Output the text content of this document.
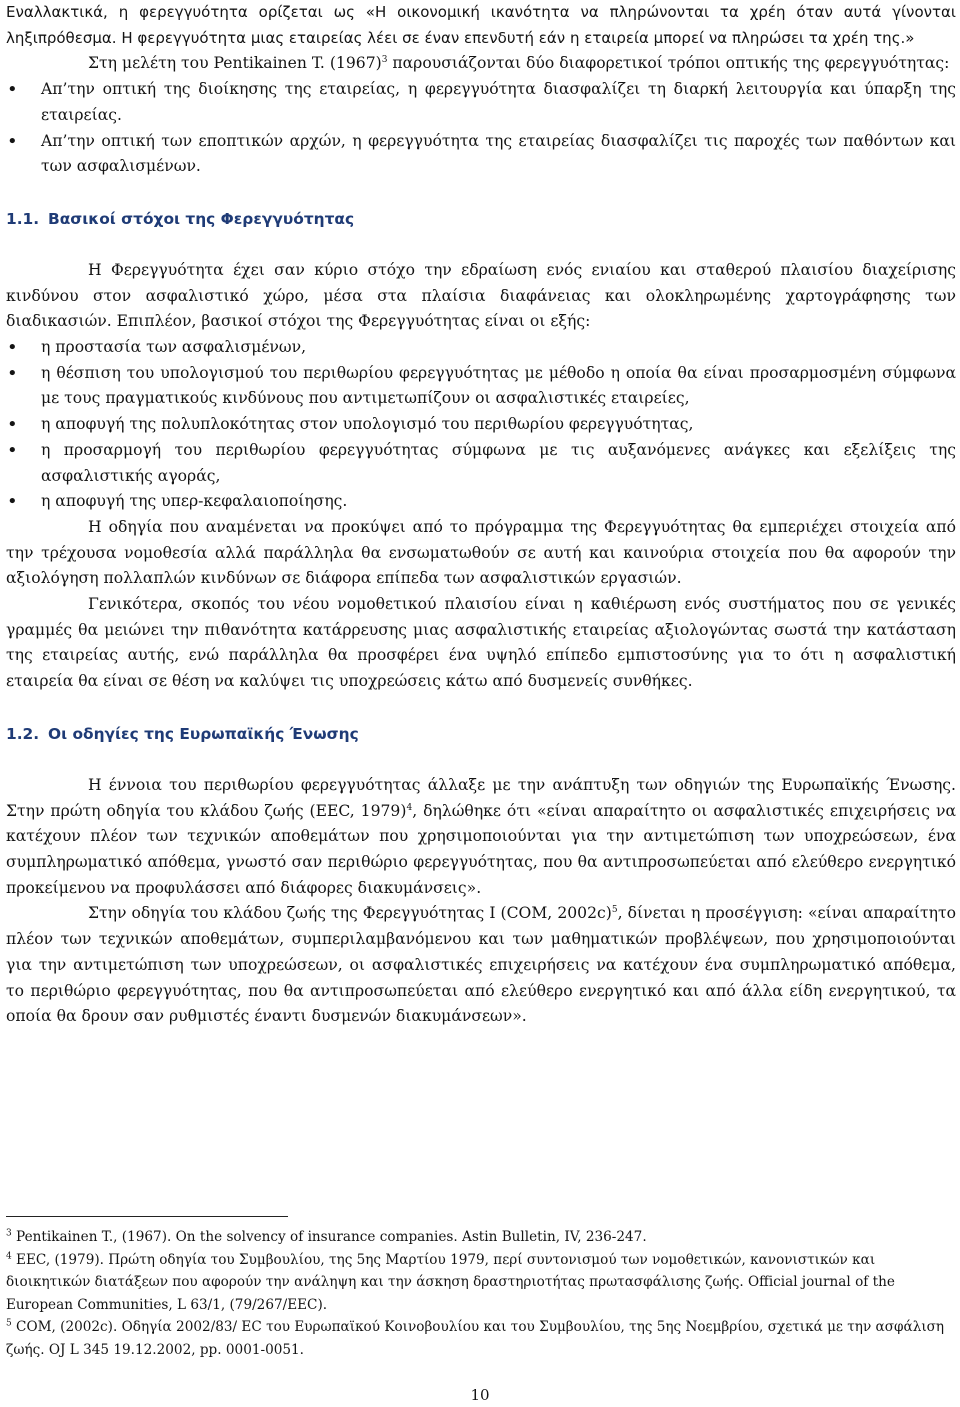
Εναλλακτικά, η φερεγγυότητα ορίζεται ως «Η οικονομική ικανότητα να πληρώνονται τα χρέη όταν αυτά γίνονται ληξιπρόθεσμα. Η φερεγγυότητα μιας εταιρείας λέει σε έναν επενδυτή εάν η εταιρεία μπορεί να πληρώσει τα χρέη της.»

Στη μελέτη του Pentikainen T. $(1967)^3$ παρουσιάζονται δύο διαφορετικοί τρόποι οπτικής της φερεγγυότητας:

• Απ’την οπτική της διοίκησης της εταιρείας, η φερεγγυότητα διασφαλίζει τη διαρκή λειτουργία και ύπαρξη της εταιρείας.
• Απ’την οπτική των εποπτικών αρχών, η φερεγγυότητα της εταιρείας διασφαλίζει τις παροχές των παθόντων και των ασφαλισμένων.
1.1. Βασικοί στόχοι της Φερεγγυότητας

Η Φερεγγυότητα έχει σαν κύριο στόχο την εδραίωση ενός ενιαίου και σταθερού πλαισίου διαχείρισης κινδύνου στον ασφαλιστικό χώρο, μέσα στα πλαίσια διαφάνειας και ολοκληρωμένης χαρτογράφησης των διαδικασιών. Επιπλέον, βασικοί στόχοι της Φερεγγυότητας είναι οι εξής:

• η προστασία των ασφαλισμένων,
• η θέσπιση του υπολογισμού του περιθωρίου φερεγγυότητας με μέθοδο η οποία θα είναι προσαρμοσμένη σύμφωνα με τους πραγματικούς κινδύνους που αντιμετωπίζουν οι ασφαλιστικές εταιρείες,
• η αποφυγή της πολυπλοκότητας στον υπολογισμό του περιθωρίου φερεγγυότητας,
• η προσαρμογή του περιθωρίου φερεγγυότητας σύμφωνα με τις αυξανόμενες ανάγκες και εξελίξεις της ασφαλιστικής αγοράς,
• η αποφυγή της υπερ-κεφαλαιοποίησης.

Η οδηγία που αναμένεται να προκύψει από το πρόγραμμα της Φερεγγυότητας θα εμπεριέχει στοιχεία από την τρέχουσα νομοθεσία αλλά παράλληλα θα ενσωματωθούν σε αυτή και καινούρια στοιχεία που θα αφορούν την αξιολόγηση πολλαπλών κινδύνων σε διάφορα επίπεδα των ασφαλιστικών εργασιών.

Γενικότερα, σκοπός του νέου νομοθετικού πλαισίου είναι η καθιέρωση ενός συστήματος που σε γενικές γραμμές θα μειώνει την πιθανότητα κατάρρευσης μιας ασφαλιστικής εταιρείας αξιολογώντας σωστά την κατάσταση της εταιρείας αυτής, ενώ παράλληλα θα προσφέρει ένα υψηλό επίπεδο εμπιστοσύνης για το ότι η ασφαλιστική εταιρεία θα είναι σε θέση να καλύψει τις υποχρεώσεις κάτω από δυσμενείς συνθήκες.

1.2. Οι οδηγίες της Ευρωπαϊκής Ένωσης

Η έννοια του περιθωρίου φερεγγυότητας άλλαξε με την ανάπτυξη των οδηγιών της Ευρωπαϊκής Ένωσης. Στην πρώτη οδηγία του κλάδου ζωής (EEC, 1979)$^4$, δηλώθηκε ότι «είναι απαραίτητο οι ασφαλιστικές επιχειρήσεις να κατέχουν πλέον των τεχνικών αποθεμάτων που χρησιμοποιούνται για την αντιμετώπιση των υποχρεώσεων, ένα συμπληρωματικό απόθεμα, γνωστό σαν περιθώριο φερεγγυότητας, που θα αντιπροσωπεύεται από ελεύθερο ενεργητικό προκείμενου να προφυλάσσει από διάφορες διακυμάνσεις».

Στην οδηγία του κλάδου ζωής της Φερεγγυότητας Ι (COM, 2002c)$^5$, δίνεται η προσέγγιση: «είναι απαραίτητο πλέον των τεχνικών αποθεμάτων, συμπεριλαμβανόμενου και των μαθηματικών προβλέψεων, που χρησιμοποιούνται για την αντιμετώπιση των υποχρεώσεων, οι ασφαλιστικές επιχειρήσεις να κατέχουν ένα συμπληρωματικό απόθεμα, το περιθώριο φερεγγυότητας, που θα αντιπροσωπεύεται από ελεύθερο ενεργητικό και από άλλα είδη ενεργητικού, τα οποία θα δρουν σαν ρυθμιστές έναντι δυσμενών διακυμάνσεων».

$^3$ Pentikainen T., (1967). On the solvency of insurance companies. Astin Bulletin, IV, 236-247.

$^4$ EEC, (1979). Πρώτη οδηγία του Συμβουλίου, της 5ης Μαρτίου 1979, περί συντονισμού των νομοθετικών, κανονιστικών και διοικητικών διατάξεων που αφορούν την ανάληψη και την άσκηση δραστηριοτήτας πρωτασφάλισης ζωής. Official journal of the European Communities, L 63/1, (79/267/EEC).

$^5$ COM, (2002c). Οδηγία 2002/83/ EC του Ευρωπαϊκού Κοινοβουλίου και του Συμβουλίου, της 5ης Νοεμβρίου, σχετικά με την ασφάλιση ζωής. OJ L 345 19.12.2002, pp. 0001-0051.

10
